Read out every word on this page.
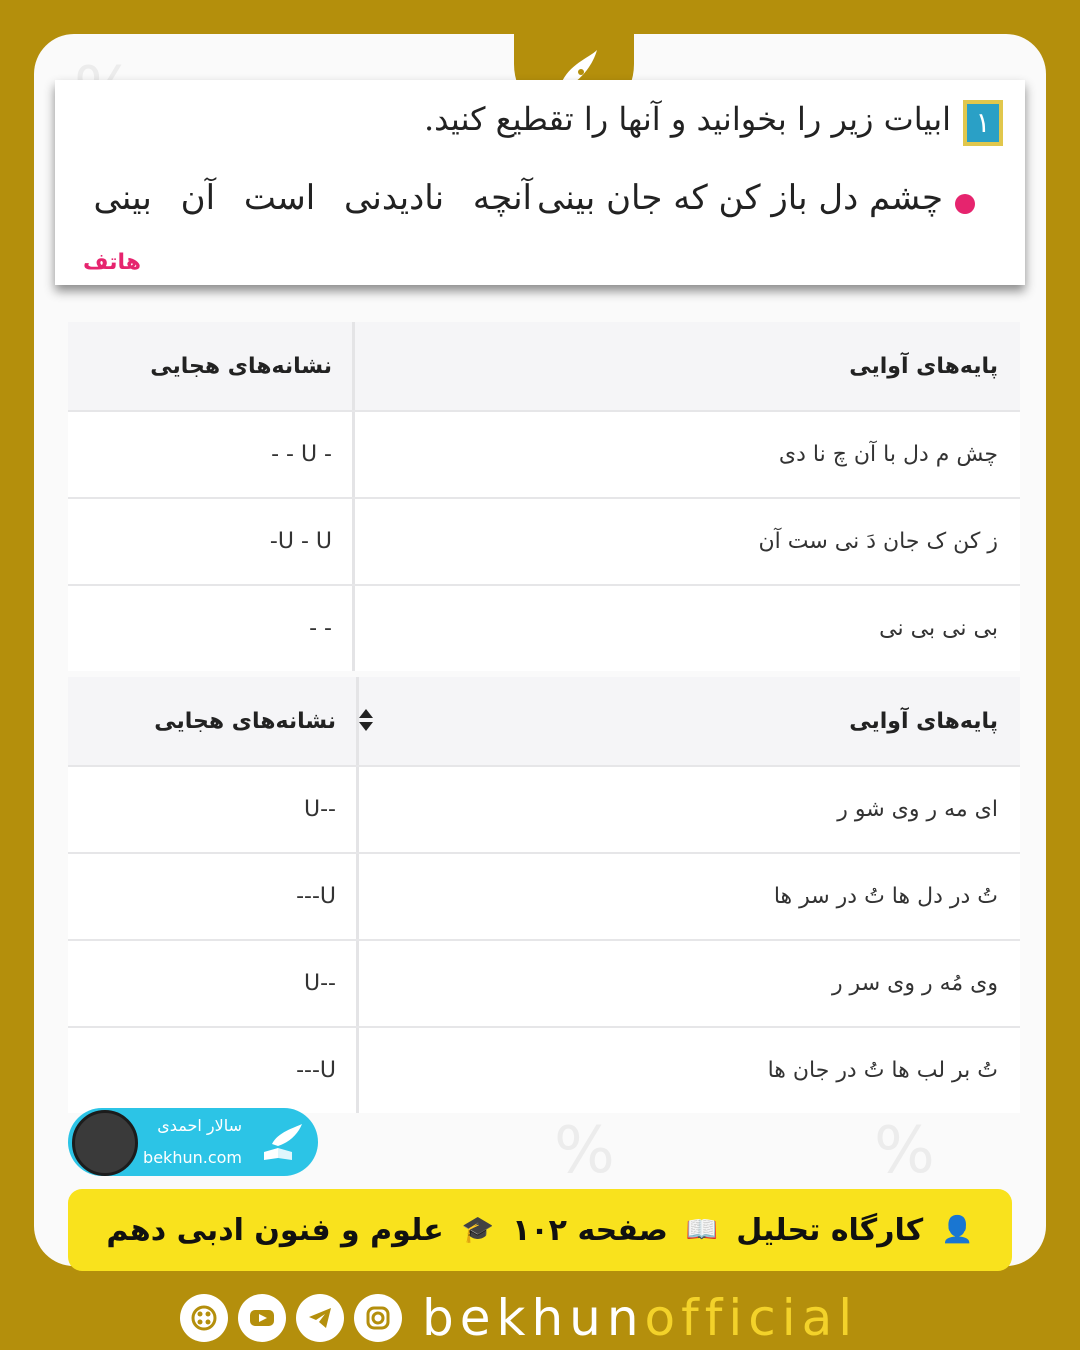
%
%
۱
ابیات زیر را بخوانید و آنها را تقطیع کنید.
چشم دل باز کن که جان بینی
آنچه نادیدنی است آن بینی
هاتف
پایه‌های آوایی
نشانه‌های هجایی
چش م دل با آن چ نا دی
- - U -
ز کن ک جان دَ نی ست آن
-U - U
بی نی بی نی
- -
پایه‌های آوایی
نشانه‌های هجایی
ای مه ر وی شو ر
U--
تُ در دل ها تُ در سر ها
---U
وی مُه ر وی سر ر
U--
تُ بر لب ها تُ در جان ها
---U
سالار احمدی
bekhun.com
👤
کارگاه تحلیل
📖
صفحه ۱۰۲
🎓
علوم و فنون ادبی دهم
bekhunofficial
